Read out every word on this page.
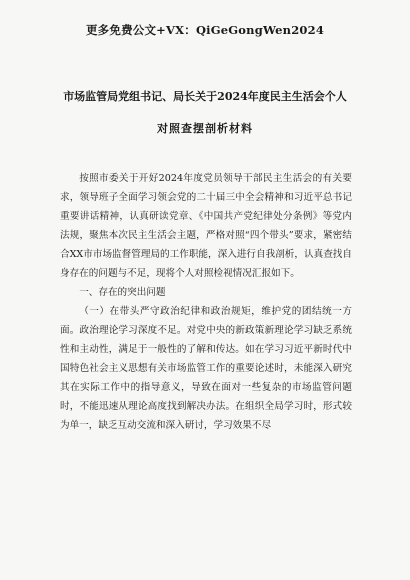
更多免费公文+VX：QiGeGongWen2024
市场监管局党组书记、局长关于2024年度民主生活会个人
对照查摆剖析材料

按照市委关于开好2024年度党员领导干部民主生活会的有关要求，领导班子全面学习领会党的二十届三中全会精神和习近平总书记重要讲话精神，认真研读党章、《中国共产党纪律处分条例》等党内法规，聚焦本次民主生活会主题，严格对照“四个带头”要求，紧密结合XX市市场监督管理局的工作职能，深入进行自我剖析，认真查找自身存在的问题与不足，现将个人对照检视情况汇报如下。

一、存在的突出问题

（一）在带头严守政治纪律和政治规矩，维护党的团结统一方面。政治理论学习深度不足。对党中央的新政策新理论学习缺乏系统性和主动性，满足于一般性的了解和传达。如在学习习近平新时代中国特色社会主义思想有关市场监管工作的重要论述时，未能深入研究其在实际工作中的指导意义，导致在面对一些复杂的市场监管问题时，不能迅速从理论高度找到解决办法。在组织全局学习时，形式较为单一，缺乏互动交流和深入研讨，学习效果不尽
